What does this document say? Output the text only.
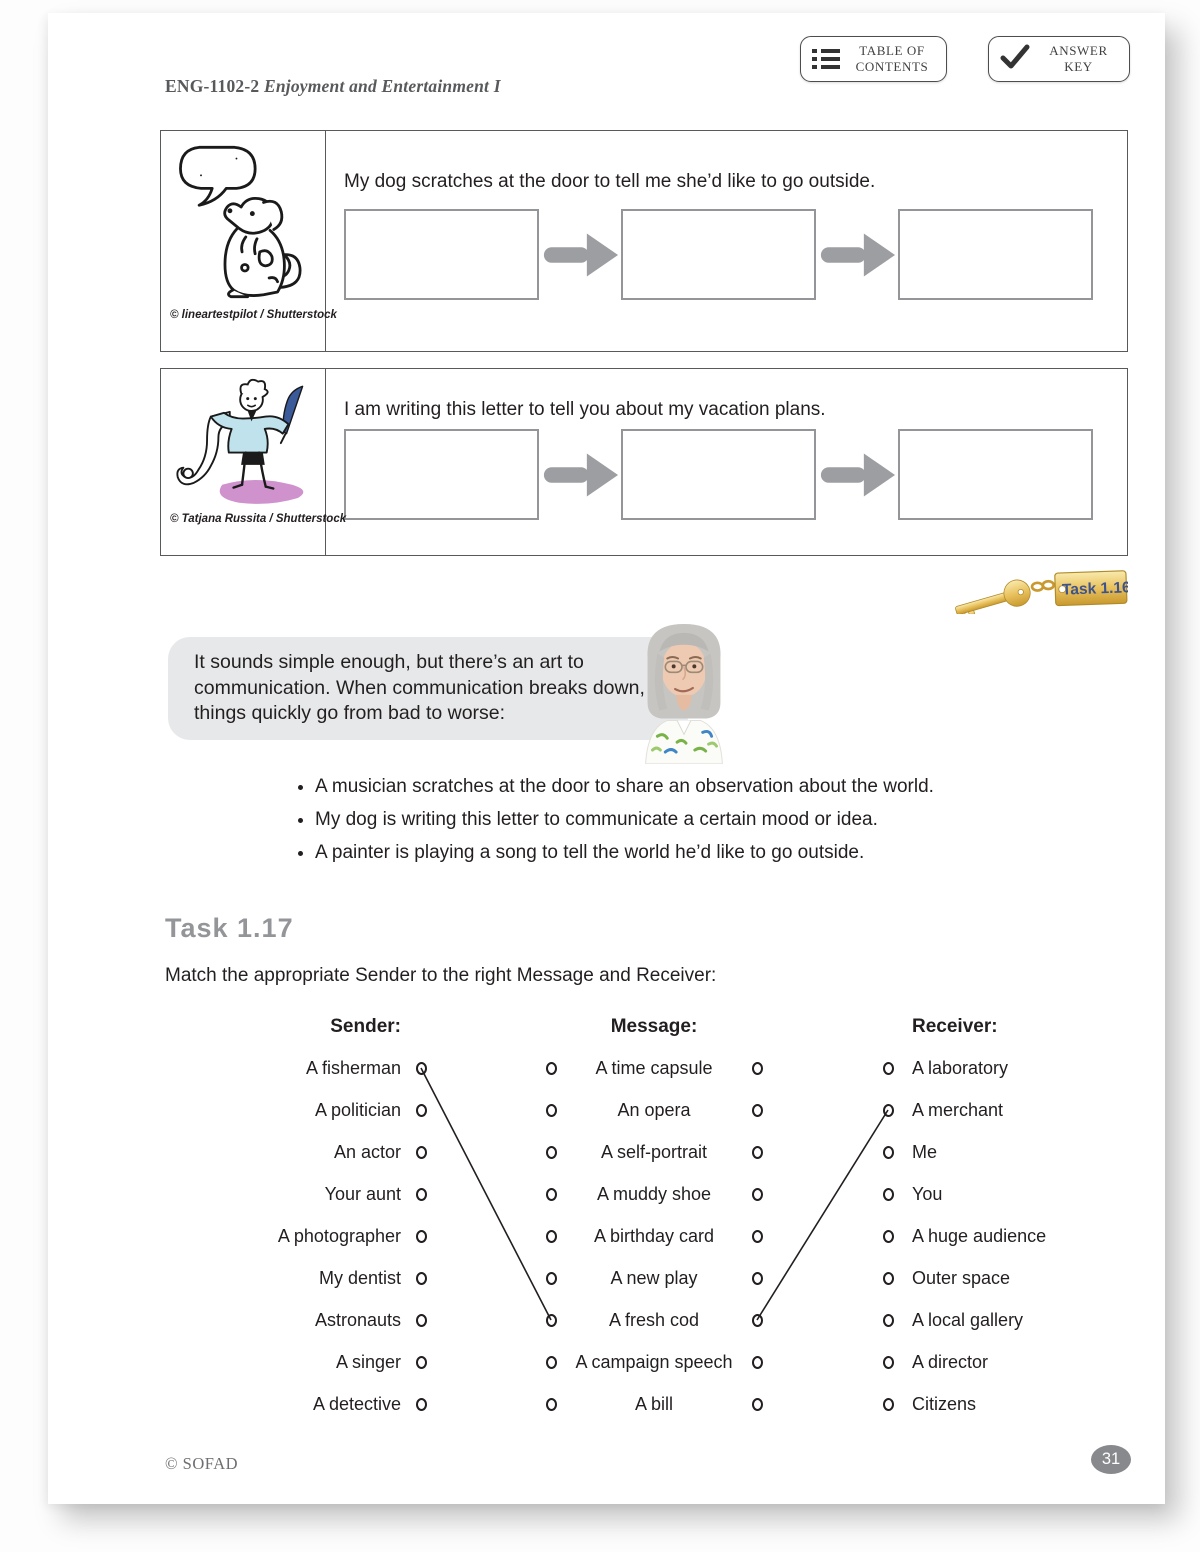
ENG-1102-2 Enjoyment and Entertainment I
TABLE OF CONTENTS
ANSWER KEY
© lineartestpilot / Shutterstock
My dog scratches at the door to tell me she’d like to go outside.
© Tatjana Russita / Shutterstock
I am writing this letter to tell you about my vacation plans.
Task 1.16
It sounds simple enough, but there’s an art to communication. When communication breaks down, things quickly go from bad to worse:
A musician scratches at the door to share an observation about the world.
My dog is writing this letter to communicate a certain mood or idea.
A painter is playing a song to tell the world he’d like to go outside.
Task 1.17
Match the appropriate Sender to the right Message and Receiver:
Sender:	Message:	Receiver:
A fisherman	A time capsule	A laboratory
A politician	An opera	A merchant
An actor	A self-portrait	Me
Your aunt	A muddy shoe	You
A photographer	A birthday card	A huge audience
My dentist	A new play	Outer space
Astronauts	A fresh cod	A local gallery
A singer	A campaign speech	A director
A detective	A bill	Citizens
© SOFAD	31
